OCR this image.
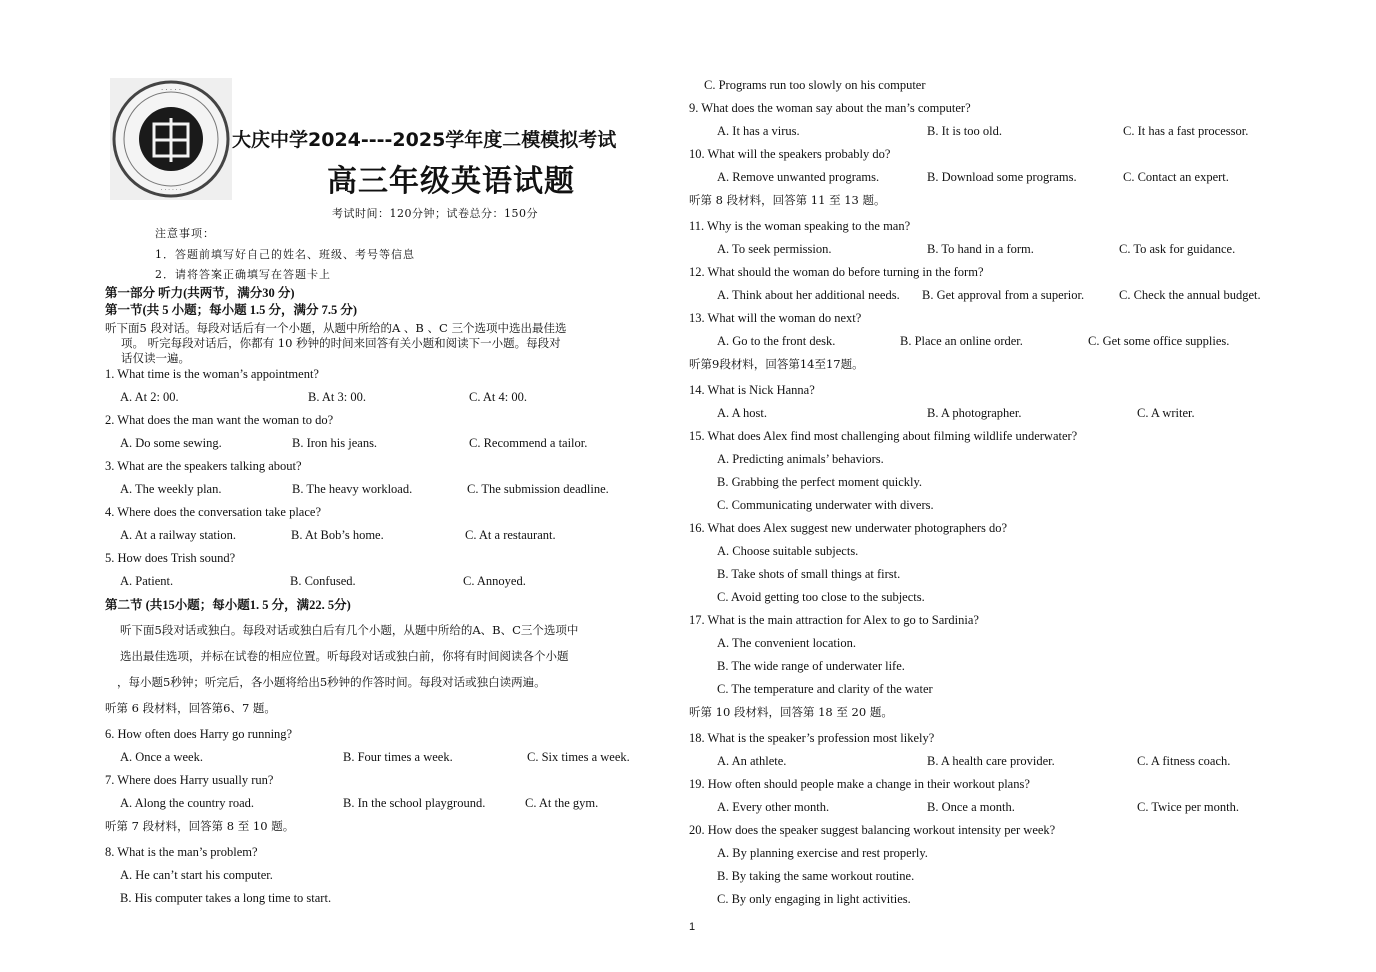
· · · · ·
· · · · · ·
大庆中学2024----2025学年度二模模拟考试
高三年级英语试题
考试时间：120分钟；试卷总分：150分
注意事项：
1．答题前填写好自己的姓名、班级、考号等信息
2．请将答案正确填写在答题卡上
第一部分 听力(共两节，满分30 分)
第一节(共 5 小题；每小题 1.5 分，满分 7.5 分)
听下面5 段对话。每段对话后有一个小题，从题中所给的A 、B 、C 三个选项中选出最佳选
项。 听完每段对话后，你都有 10 秒钟的时间来回答有关小题和阅读下一小题。每段对
话仅读一遍。
1. What time is the woman’s appointment?
A. At 2: 00.	B. At 3: 00.	C. At 4: 00.
2. What does the man want the woman to do?
A. Do some sewing.	B. Iron his jeans.	C. Recommend a tailor.
3. What are the speakers talking about?
A. The weekly plan.	B. The heavy workload.	C. The submission deadline.
4. Where does the conversation take place?
A. At a railway station.	B. At Bob’s home.	C. At a restaurant.
5. How does Trish sound?
A. Patient.	B. Confused.	C. Annoyed.
第二节 (共15小题；每小题1. 5 分，满22. 5分)
听下面5段对话或独白。每段对话或独白后有几个小题，从题中所给的A、B、C三个选项中
选出最佳选项，并标在试卷的相应位置。听每段对话或独白前，你将有时间阅读各个小题
，每小题5秒钟；听完后，各小题将给出5秒钟的作答时间。每段对话或独白读两遍。
听第 6 段材料，回答第6、7 题。
6. How often does Harry go running?
A. Once a week.	B. Four times a week.	C. Six times a week.
7. Where does Harry usually run?
A. Along the country road.	B. In the school playground.	C. At the gym.
听第 7 段材料，回答第 8 至 10 题。
8. What is the man’s problem?
A. He can’t start his computer.
B. His computer takes a long time to start.
C. Programs run too slowly on his computer
9. What does the woman say about the man’s computer?
A. It has a virus.	B. It is too old.	C. It has a fast processor.
10. What will the speakers probably do?
A. Remove unwanted programs.	B. Download some programs.	C. Contact an expert.
听第 8 段材料，回答第 11 至 13 题。
11. Why is the woman speaking to the man?
A. To seek permission.	B. To hand in a form.	C. To ask for guidance.
12. What should the woman do before turning in the form?
A. Think about her additional needs. B. Get approval from a superior.	C. Check the annual budget.
13. What will the woman do next?
A. Go to the front desk.	B. Place an online order.	C. Get some office supplies.
听第9段材料，回答第14至17题。
14. What is Nick Hanna?
A. A host.	B. A photographer.	C. A writer.
15. What does Alex find most challenging about filming wildlife underwater?
A. Predicting animals’ behaviors.
B. Grabbing the perfect moment quickly.
C. Communicating underwater with divers.
16. What does Alex suggest new underwater photographers do?
A. Choose suitable subjects.
B. Take shots of small things at first.
C. Avoid getting too close to the subjects.
17. What is the main attraction for Alex to go to Sardinia?
A. The convenient location.
B. The wide range of underwater life.
C. The temperature and clarity of the water
听第 10 段材料，回答第 18 至 20 题。
18. What is the speaker’s profession most likely?
A. An athlete.	B. A health care provider.	C. A fitness coach.
19. How often should people make a change in their workout plans?
A. Every other month.	B. Once a month.	C. Twice per month.
20. How does the speaker suggest balancing workout intensity per week?
A. By planning exercise and rest properly.
B. By taking the same workout routine.
C. By only engaging in light activities.
1
